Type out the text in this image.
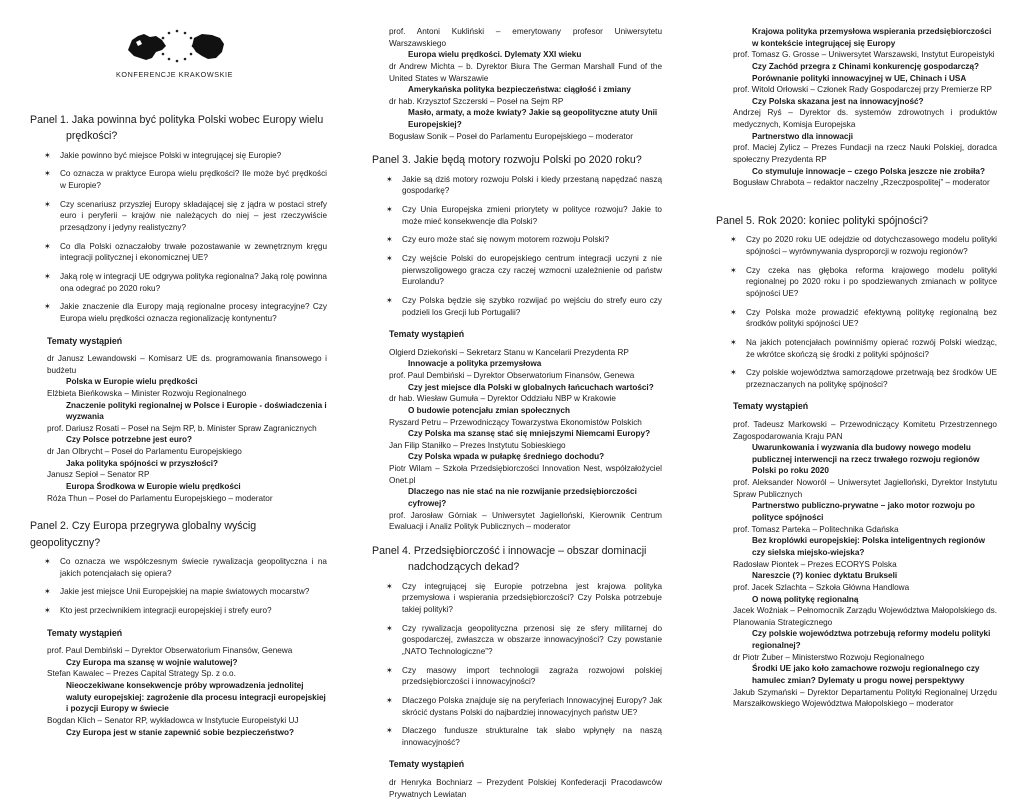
KONFERENCJE KRAKOWSKIE
Panel 1. Jaka powinna być polityka Polski wobec Europy wielu
prędkości?
✶ Jakie powinno być miejsce Polski w integrującej się Europie?
✶ Co oznacza w praktyce Europa wielu prędkości? Ile może być prędkości w Europie?
✶ Czy scenariusz przyszłej Europy składającej się z jądra w postaci strefy euro i peryferii – krajów nie należących do niej – jest rzeczywiście przesądzony i jedyny realistyczny?
✶ Co dla Polski oznaczałoby trwałe pozostawanie w zewnętrznym kręgu integracji politycznej i ekonomicznej UE?
✶ Jaką rolę w integracji UE odgrywa polityka regionalna? Jaką rolę powinna ona odegrać po 2020 roku?
✶ Jakie znaczenie dla Europy mają regionalne procesy integracyjne? Czy Europa wielu prędkości oznacza regionalizację kontynentu?
Tematy wystąpień
dr Janusz Lewandowski – Komisarz UE ds. programowania finansowego i budżetu
Polska w Europie wielu prędkości
Elżbieta Bieńkowska – Minister Rozwoju Regionalnego
Znaczenie polityki regionalnej w Polsce i Europie - doświadczenia i wyzwania
prof. Dariusz Rosati – Poseł na Sejm RP, b. Minister Spraw Zagranicznych
Czy Polsce potrzebne jest euro?
dr Jan Olbrycht – Poseł do Parlamentu Europejskiego
Jaka polityka spójności w przyszłości?
Janusz Sepioł – Senator RP
Europa Środkowa w Europie wielu prędkości
Róża Thun – Poseł do Parlamentu Europejskiego – moderator
Panel 2. Czy Europa przegrywa globalny wyścig geopolityczny?
✶ Co oznacza we współczesnym świecie rywalizacja geopolityczna i na jakich potencjałach się opiera?
✶ Jakie jest miejsce Unii Europejskiej na mapie światowych mocarstw?
✶ Kto jest przeciwnikiem integracji europejskiej i strefy euro?
Tematy wystąpień
prof. Paul Dembiński – Dyrektor Obserwatorium Finansów, Genewa
Czy Europa ma szansę w wojnie walutowej?
Stefan Kawalec – Prezes Capital Strategy Sp. z o.o.
Nieoczekiwane konsekwencje próby wprowadzenia jednolitej waluty europejskiej: zagrożenie dla procesu integracji europejskiej i pozycji Europy w świecie
Bogdan Klich – Senator RP, wykładowca w Instytucie Europeistyki UJ
Czy Europa jest w stanie zapewnić sobie bezpieczeństwo?
prof. Antoni Kukliński – emerytowany profesor Uniwersytetu Warszawskiego
Europa wielu prędkości. Dylematy XXI wieku
dr Andrew Michta – b. Dyrektor Biura The German Marshall Fund of the United States w Warszawie
Amerykańska polityka bezpieczeństwa: ciągłość i zmiany
dr hab. Krzysztof Szczerski – Poseł na Sejm RP
Masło, armaty, a może kwiaty? Jakie są geopolityczne atuty Unii Europejskiej?
Bogusław Sonik – Poseł do Parlamentu Europejskiego – moderator
Panel 3. Jakie będą motory rozwoju Polski po 2020 roku?
✶ Jakie są dziś motory rozwoju Polski i kiedy przestaną napędzać naszą gospodarkę?
✶ Czy Unia Europejska zmieni priorytety w polityce rozwoju? Jakie to może mieć konsekwencje dla Polski?
✶ Czy euro może stać się nowym motorem rozwoju Polski?
✶ Czy wejście Polski do europejskiego centrum integracji uczyni z nie pierwszoligowego gracza czy raczej wzmocni uzależnienie od państw Eurolandu?
✶ Czy Polska będzie się szybko rozwijać po wejściu do strefy euro czy podzieli los Grecji lub Portugalii?
Tematy wystąpień
Olgierd Dziekoński – Sekretarz Stanu w Kancelarii Prezydenta RP
Innowacje a polityka przemysłowa
prof. Paul Dembiński – Dyrektor Obserwatorium Finansów, Genewa
Czy jest miejsce dla Polski w globalnych łańcuchach wartości?
dr hab. Wiesław Gumuła – Dyrektor Oddziału NBP w Krakowie
O budowie potencjału zmian społecznych
Ryszard Petru – Przewodniczący Towarzystwa Ekonomistów Polskich
Czy Polska ma szansę stać się mniejszymi Niemcami Europy?
Jan Filip Staniłko – Prezes Instytutu Sobieskiego
Czy Polska wpada w pułapkę średniego dochodu?
Piotr Wilam – Szkoła Przedsiębiorczości Innovation Nest, współzałożyciel Onet.pl
Dlaczego nas nie stać na nie rozwijanie przedsiębiorczości cyfrowej?
prof. Jarosław Górniak – Uniwersytet Jagielloński, Kierownik Centrum Ewaluacji i Analiz Polityk Publicznych – moderator
Panel 4. Przedsiębiorczość i innowacje – obszar dominacji
nadchodzących dekad?
✶ Czy integrującej się Europie potrzebna jest krajowa polityka przemysłowa i wspierania przedsiębiorczości? Czy Polska potrzebuje takiej polityki?
✶ Czy rywalizacja geopolityczna przenosi się ze sfery militarnej do gospodarczej, zwłaszcza w obszarze innowacyjności? Czy powstanie „NATO Technologiczne”?
✶ Czy masowy import technologii zagraża rozwojowi polskiej przedsiębiorczości i innowacyjności?
✶ Dlaczego Polska znajduje się na peryferiach Innowacyjnej Europy? Jak skrócić dystans Polski do najbardziej innowacyjnych państw UE?
✶ Dlaczego fundusze strukturalne tak słabo wpłynęły na naszą innowacyjność?
Tematy wystąpień
dr Henryka Bochniarz – Prezydent Polskiej Konfederacji Pracodawców Prywatnych Lewiatan
Krajowa polityka przemysłowa wspierania przedsiębiorczości w kontekście integrującej się Europy
prof. Tomasz G. Grosse – Uniwersytet Warszawski, Instytut Europeistyki
Czy Zachód przegra z Chinami konkurencję gospodarczą? Porównanie polityki innowacyjnej w UE, Chinach i USA
prof. Witold Orłowski – Członek Rady Gospodarczej przy Premierze RP
Czy Polska skazana jest na innowacyjność?
Andrzej Ryś – Dyrektor ds. systemów zdrowotnych i produktów medycznych, Komisja Europejska
Partnerstwo dla innowacji
prof. Maciej Żylicz – Prezes Fundacji na rzecz Nauki Polskiej, doradca społeczny Prezydenta RP
Co stymuluje innowacje – czego Polska jeszcze nie zrobiła?
Bogusław Chrabota – redaktor naczelny „Rzeczpospolitej” – moderator
Panel 5. Rok 2020: koniec polityki spójności?
✶ Czy po 2020 roku UE odejdzie od dotychczasowego modelu polityki spójności – wyrównywania dysproporcji w rozwoju regionów?
✶ Czy czeka nas głęboka reforma krajowego modelu polityki regionalnej po 2020 roku i po spodziewanych zmianach w polityce spójności UE?
✶ Czy Polska może prowadzić efektywną politykę regionalną bez środków polityki spójności UE?
✶ Na jakich potencjałach powinniśmy opierać rozwój Polski wiedząc, że wkrótce skończą się środki z polityki spójności?
✶ Czy polskie województwa samorządowe przetrwają bez środków UE przeznaczanych na politykę spójności?
Tematy wystąpień
prof. Tadeusz Markowski – Przewodniczący Komitetu Przestrzennego Zagospodarowania Kraju PAN
Uwarunkowania i wyzwania dla budowy nowego modelu publicznej interwencji na rzecz trwałego rozwoju regionów Polski po roku 2020
prof. Aleksander Noworól – Uniwersytet Jagielloński, Dyrektor Instytutu Spraw Publicznych
Partnerstwo publiczno-prywatne – jako motor rozwoju po polityce spójności
prof. Tomasz Parteka – Politechnika Gdańska
Bez kroplówki europejskiej: Polska inteligentnych regionów czy sielska miejsko-wiejska?
Radosław Piontek – Prezes ECORYS Polska
Nareszcie (?) koniec dyktatu Brukseli
prof. Jacek Szlachta – Szkoła Główna Handlowa
O nową politykę regionalną
Jacek Woźniak – Pełnomocnik Zarządu Województwa Małopolskiego ds. Planowania Strategicznego
Czy polskie województwa potrzebują reformy modelu polityki regionalnej?
dr Piotr Żuber – Ministerstwo Rozwoju Regionalnego
Środki UE jako koło zamachowe rozwoju regionalnego czy hamulec zmian? Dylematy u progu nowej perspektywy
Jakub Szymański – Dyrektor Departamentu Polityki Regionalnej Urzędu Marszałkowskiego Województwa Małopolskiego – moderator
